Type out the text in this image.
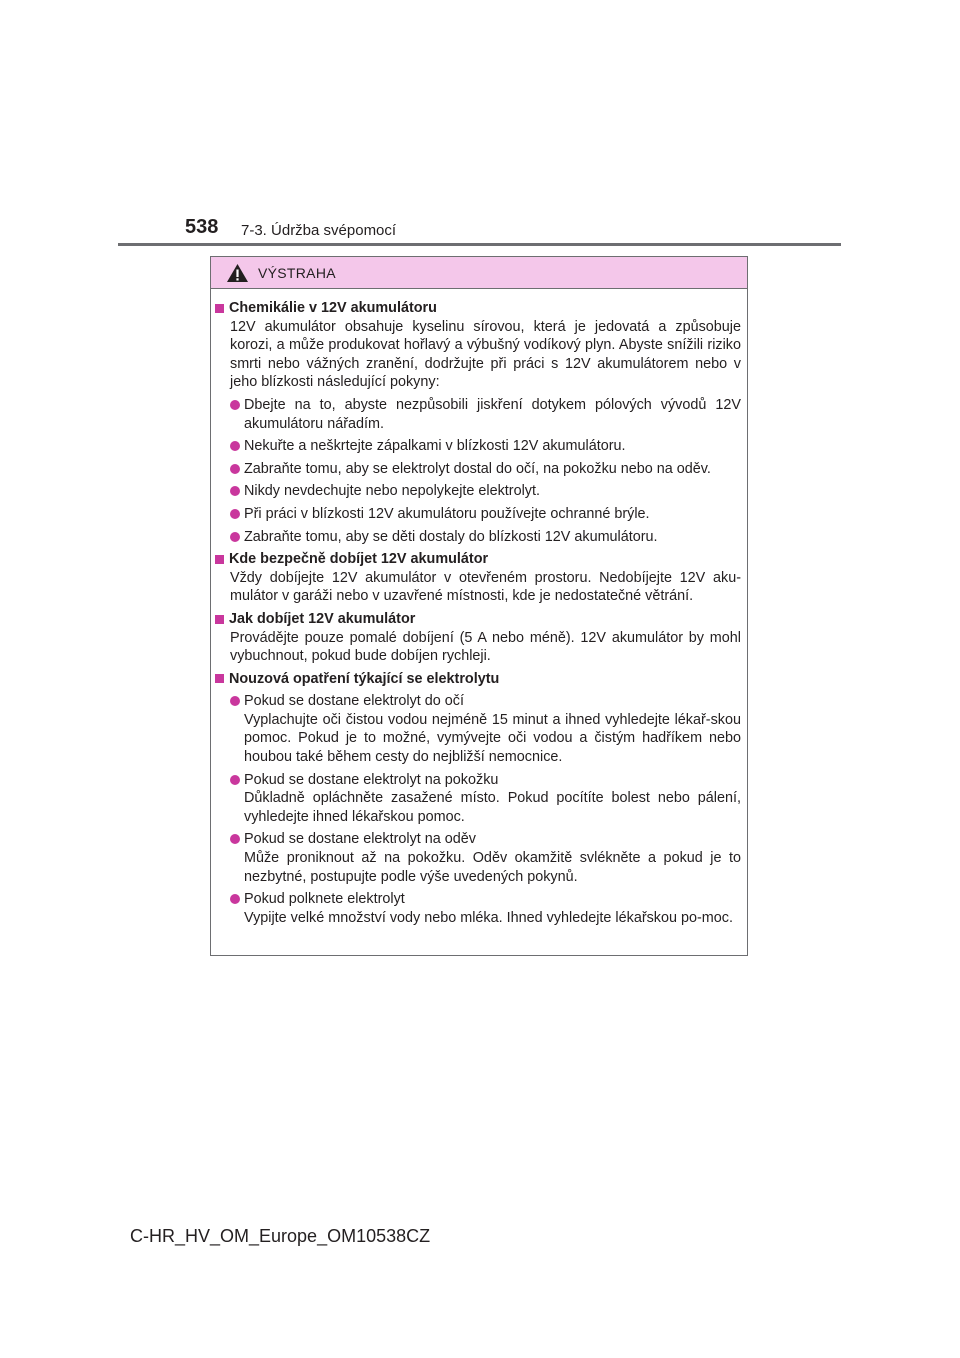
538 7-3. Údržba svépomocí
VÝSTRAHA
Chemikálie v 12V akumulátoru

12V akumulátor obsahuje kyselinu sírovou, která je jedovatá a způsobuje korozi, a může produkovat hořlavý a výbušný vodíkový plyn. Abyste snížili riziko smrti nebo vážných zranění, dodržujte při práci s 12V akumulátorem nebo v jeho blízkosti následující pokyny:

Dbejte na to, abyste nezpůsobili jiskření dotykem pólových vývodů 12V akumulátoru nářadím.
Nekuřte a neškrtejte zápalkami v blízkosti 12V akumulátoru.
Zabraňte tomu, aby se elektrolyt dostal do očí, na pokožku nebo na oděv.
Nikdy nevdechujte nebo nepolykejte elektrolyt.
Při práci v blízkosti 12V akumulátoru používejte ochranné brýle.
Zabraňte tomu, aby se děti dostaly do blízkosti 12V akumulátoru.
Kde bezpečně dobíjet 12V akumulátor

Vždy dobíjejte 12V akumulátor v otevřeném prostoru. Nedobíjejte 12V aku-mulátor v garáži nebo v uzavřené místnosti, kde je nedostatečné větrání.

Jak dobíjet 12V akumulátor

Provádějte pouze pomalé dobíjení (5 A nebo méně). 12V akumulátor by mohl vybuchnout, pokud bude dobíjen rychleji.

Nouzová opatření týkající se elektrolytu
Pokud se dostane elektrolyt do očí
Vyplachujte oči čistou vodou nejméně 15 minut a ihned vyhledejte lékař-skou pomoc. Pokud je to možné, vymývejte oči vodou a čistým hadříkem nebo houbou také během cesty do nejbližší nemocnice.
Pokud se dostane elektrolyt na pokožku
Důkladně opláchněte zasažené místo. Pokud pocítíte bolest nebo pálení, vyhledejte ihned lékařskou pomoc.
Pokud se dostane elektrolyt na oděv
Může proniknout až na pokožku. Oděv okamžitě svlékněte a pokud je to nezbytné, postupujte podle výše uvedených pokynů.
Pokud polknete elektrolyt
Vypijte velké množství vody nebo mléka. Ihned vyhledejte lékařskou po-moc.
C-HR_HV_OM_Europe_OM10538CZ
